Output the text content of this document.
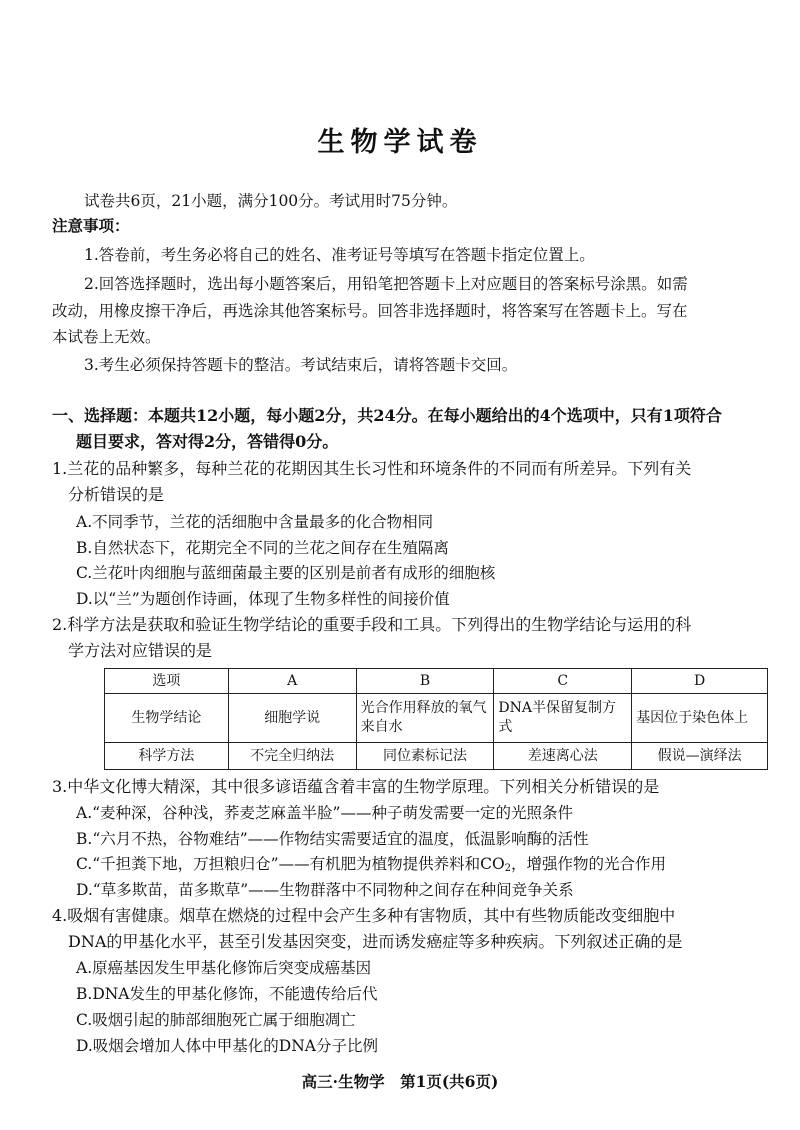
生物学试卷
试卷共6页，21小题，满分100分。考试用时75分钟。
注意事项：
1.答卷前，考生务必将自己的姓名、准考证号等填写在答题卡指定位置上。
2.回答选择题时，选出每小题答案后，用铅笔把答题卡上对应题目的答案标号涂黑。如需
改动，用橡皮擦干净后，再选涂其他答案标号。回答非选择题时，将答案写在答题卡上。写在
本试卷上无效。
3.考生必须保持答题卡的整洁。考试结束后，请将答题卡交回。
一、选择题：本题共12小题，每小题2分，共24分。在每小题给出的4个选项中，只有1项符合
题目要求，答对得2分，答错得0分。
1.兰花的品种繁多，每种兰花的花期因其生长习性和环境条件的不同而有所差异。下列有关
分析错误的是
A.不同季节，兰花的活细胞中含量最多的化合物相同
B.自然状态下，花期完全不同的兰花之间存在生殖隔离
C.兰花叶肉细胞与蓝细菌最主要的区别是前者有成形的细胞核
D.以“兰”为题创作诗画，体现了生物多样性的间接价值
2.科学方法是获取和验证生物学结论的重要手段和工具。下列得出的生物学结论与运用的科
学方法对应错误的是
选项	A	B	C	D
生物学结论	细胞学说	光合作用释放的氧气来自水	DNA半保留复制方式	基因位于染色体上
科学方法	不完全归纳法	同位素标记法	差速离心法	假说—演绎法
3.中华文化博大精深，其中很多谚语蕴含着丰富的生物学原理。下列相关分析错误的是
A.“麦种深，谷种浅，荞麦芝麻盖半脸”——种子萌发需要一定的光照条件
B.“六月不热，谷物难结”——作物结实需要适宜的温度，低温影响酶的活性
C.“千担粪下地，万担粮归仓”——有机肥为植物提供养料和$CO_2$，增强作物的光合作用
D.“草多欺苗，苗多欺草”——生物群落中不同物种之间存在种间竞争关系
4.吸烟有害健康。烟草在燃烧的过程中会产生多种有害物质，其中有些物质能改变细胞中
DNA的甲基化水平，甚至引发基因突变，进而诱发癌症等多种疾病。下列叙述正确的是
A.原癌基因发生甲基化修饰后突变成癌基因
B.DNA发生的甲基化修饰，不能遗传给后代
C.吸烟引起的肺部细胞死亡属于细胞凋亡
D.吸烟会增加人体中甲基化的DNA分子比例
高三·生物学　第1页(共6页)
